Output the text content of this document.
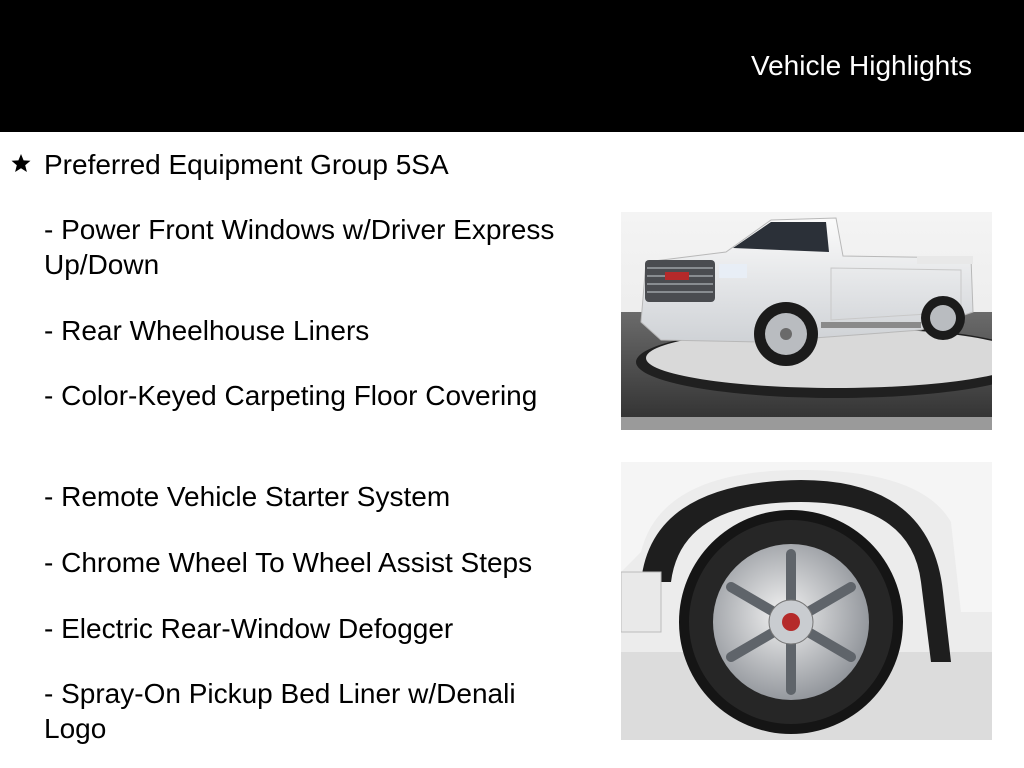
Vehicle Highlights
Preferred Equipment Group 5SA
- Power Front Windows w/Driver Express Up/Down
- Rear Wheelhouse Liners
- Color-Keyed Carpeting Floor Covering
- Remote Vehicle Starter System
- Chrome Wheel To Wheel Assist Steps
- Electric Rear-Window Defogger
- Spray-On Pickup Bed Liner w/Denali Logo
